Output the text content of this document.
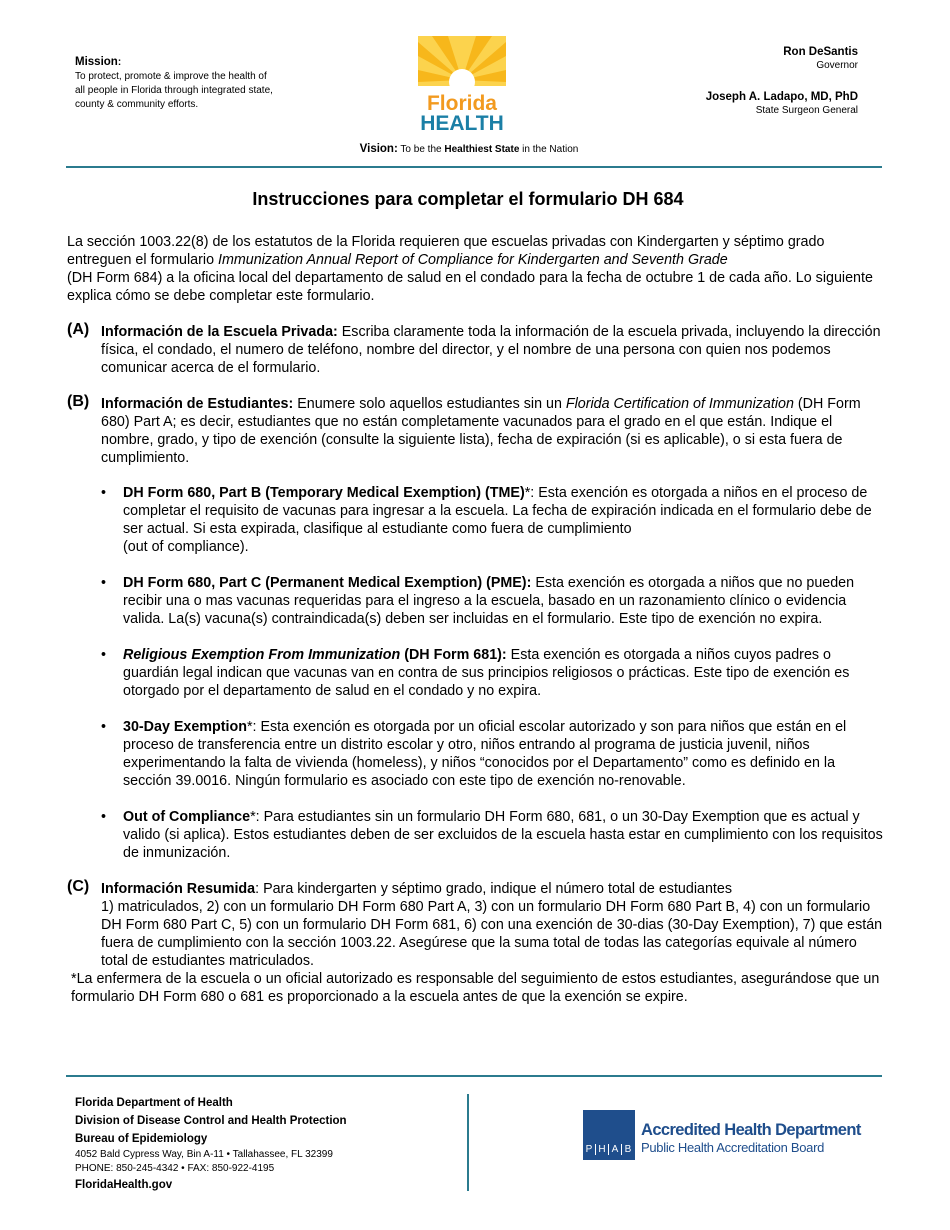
Mission:
To protect, promote & improve the health of all people in Florida through integrated state, county & community efforts.	Florida
HEALTH
Ron DeSantis
Governor
Joseph A. Ladapo, MD, PhD
State Surgeon General
Vision: To be the Healthiest State in the Nation
Instrucciones para completar el formulario DH 684

La sección 1003.22(8) de los estatutos de la Florida requieren que escuelas privadas con Kindergarten y séptimo grado entreguen el formulario Immunization Annual Report of Compliance for Kindergarten and Seventh Grade
(DH Form 684) a la oficina local del departamento de salud en el condado para la fecha de octubre 1 de cada año. Lo siguiente explica cómo se debe completar este formulario.

(A) Información de la Escuela Privada: Escriba claramente toda la información de la escuela privada, incluyendo la dirección física, el condado, el numero de teléfono, nombre del director, y el nombre de una persona con quien nos podemos comunicar acerca de el formulario.
(B) Información de Estudiantes: Enumere solo aquellos estudiantes sin un Florida Certification of Immunization (DH Form 680) Part A; es decir, estudiantes que no están completamente vacunados para el grado en el que están. Indique el nombre, grado, y tipo de exención (consulte la siguiente lista), fecha de expiración (si es aplicable), o si esta fuera de cumplimiento.
• DH Form 680, Part B (Temporary Medical Exemption) (TME)*: Esta exención es otorgada a niños en el proceso de completar el requisito de vacunas para ingresar a la escuela. La fecha de expiración indicada en el formulario debe de ser actual. Si esta expirada, clasifique al estudiante como fuera de cumplimiento
(out of compliance).
• DH Form 680, Part C (Permanent Medical Exemption) (PME): Esta exención es otorgada a niños que no pueden recibir una o mas vacunas requeridas para el ingreso a la escuela, basado en un razonamiento clínico o evidencia valida. La(s) vacuna(s) contraindicada(s) deben ser incluidas en el formulario. Este tipo de exención no expira.
• Religious Exemption From Immunization (DH Form 681): Esta exención es otorgada a niños cuyos padres o guardián legal indican que vacunas van en contra de sus principios religiosos o prácticas. Este tipo de exención es otorgado por el departamento de salud en el condado y no expira.
• 30-Day Exemption*: Esta exención es otorgada por un oficial escolar autorizado y son para niños que están en el proceso de transferencia entre un distrito escolar y otro, niños entrando al programa de justicia juvenil, niños experimentando la falta de vivienda (homeless), y niños “conocidos por el Departamento” como es definido en la sección 39.0016. Ningún formulario es asociado con este tipo de exención no-renovable.
• Out of Compliance*: Para estudiantes sin un formulario DH Form 680, 681, o un 30-Day Exemption que es actual y valido (si aplica). Estos estudiantes deben de ser excluidos de la escuela hasta estar en cumplimiento con los requisitos de inmunización.
(C) Información Resumida: Para kindergarten y séptimo grado, indique el número total de estudiantes
1) matriculados, 2) con un formulario DH Form 680 Part A, 3) con un formulario DH Form 680 Part B, 4) con un formulario DH Form 680 Part C, 5) con un formulario DH Form 681, 6) con una exención de 30-dias (30-Day Exemption), 7) que están fuera de cumplimiento con la sección 1003.22. Asegúrese que la suma total de todas las categorías equivale al número total de estudiantes matriculados.

*La enfermera de la escuela o un oficial autorizado es responsable del seguimiento de estos estudiantes, asegurándose que un formulario DH Form 680 o 681 es proporcionado a la escuela antes de que la exención se expire.

Florida Department of Health
Division of Disease Control and Health Protection
Bureau of Epidemiology
4052 Bald Cypress Way, Bin A-11 • Tallahassee, FL 32399
PHONE: 850-245-4342 • FAX: 850-922-4195
FloridaHealth.gov
P H A B
Accredited Health Department
Public Health Accreditation Board
